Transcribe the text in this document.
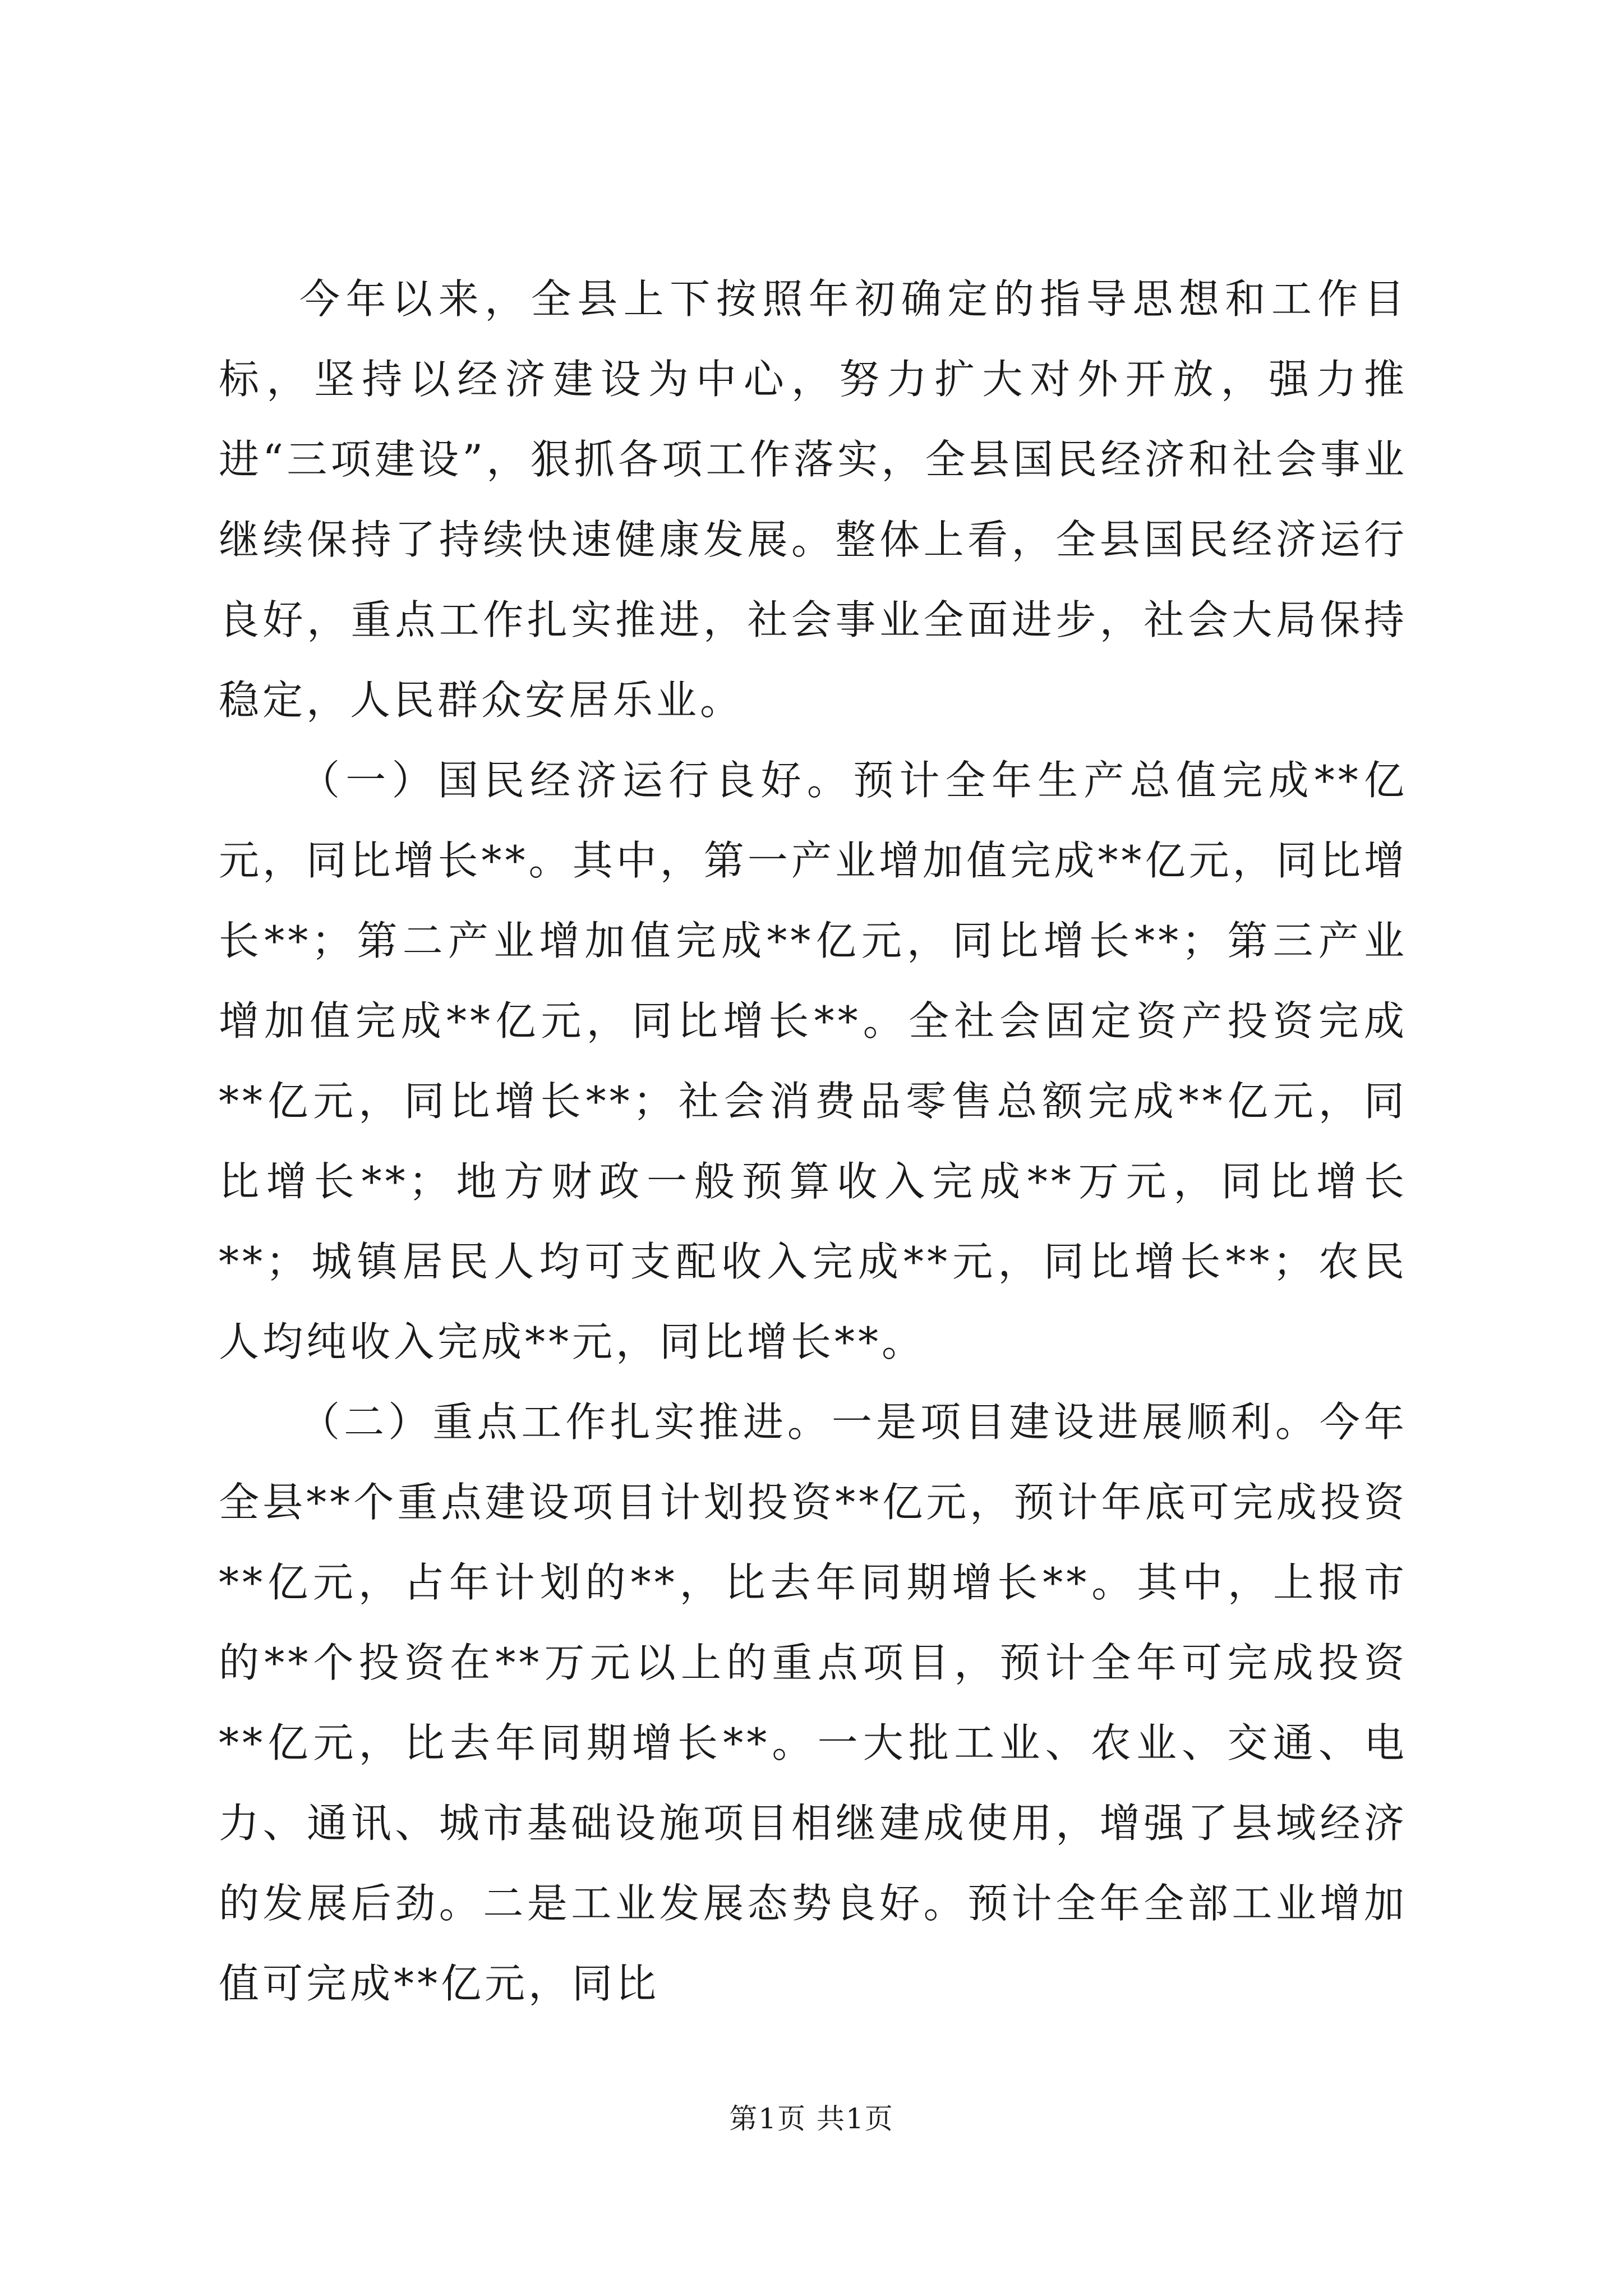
今年以来，全县上下按照年初确定的指导思想和工作目标，坚持以经济建设为中心，努力扩大对外开放，强力推进“三项建设”，狠抓各项工作落实，全县国民经济和社会事业继续保持了持续快速健康发展。整体上看，全县国民经济运行良好，重点工作扎实推进，社会事业全面进步，社会大局保持稳定，人民群众安居乐业。

（一）国民经济运行良好。预计全年生产总值完成**亿元，同比增长**。其中，第一产业增加值完成**亿元，同比增长**；第二产业增加值完成**亿元，同比增长**；第三产业增加值完成**亿元，同比增长**。全社会固定资产投资完成**亿元，同比增长**；社会消费品零售总额完成**亿元，同比增长**；地方财政一般预算收入完成**万元，同比增长**；城镇居民人均可支配收入完成**元，同比增长**；农民人均纯收入完成**元，同比增长**。

（二）重点工作扎实推进。一是项目建设进展顺利。今年全县**个重点建设项目计划投资**亿元，预计年底可完成投资**亿元，占年计划的**，比去年同期增长**。其中，上报市的**个投资在**万元以上的重点项目，预计全年可完成投资**亿元，比去年同期增长**。一大批工业、农业、交通、电力、通讯、城市基础设施项目相继建成使用，增强了县域经济的发展后劲。二是工业发展态势良好。预计全年全部工业增加值可完成**亿元，同比

第1页 共1页
